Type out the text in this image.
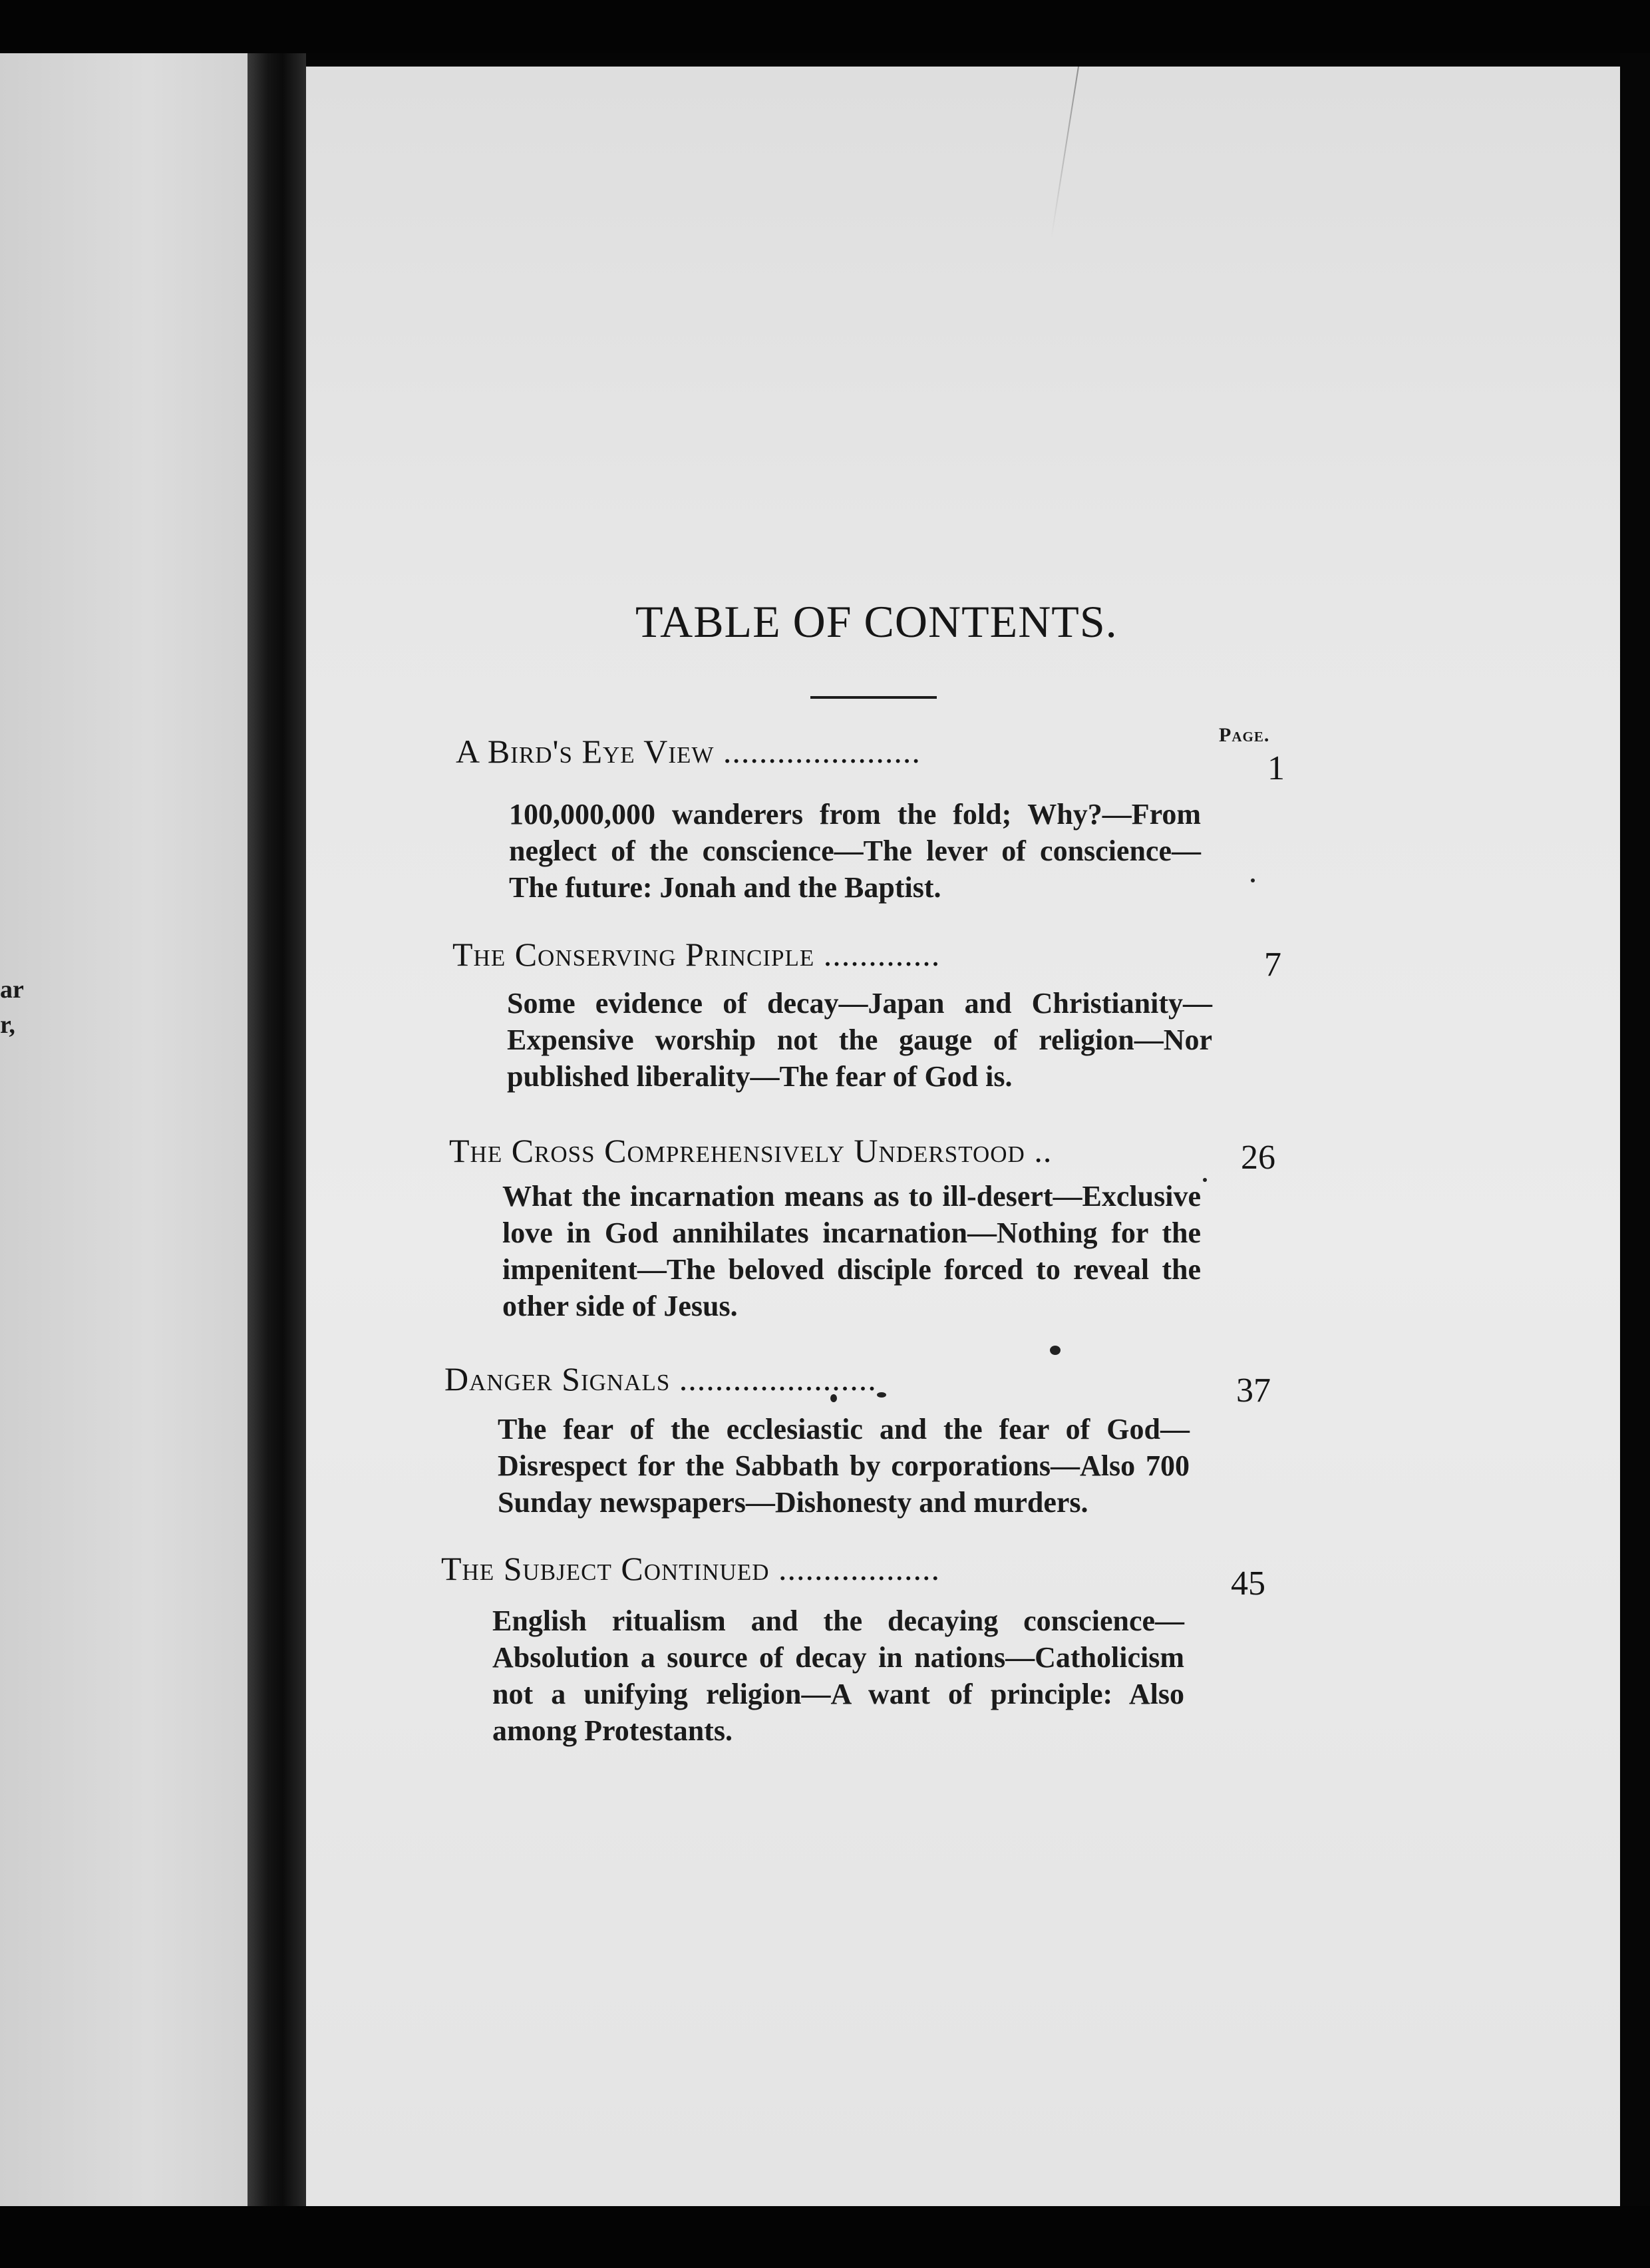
ar
r,
TABLE OF CONTENTS.
Page.
A Bird's Eye View ......................	1
100,000,000 wanderers from the fold; Why?—From neglect of the conscience—The lever of conscience—The future: Jonah and the Baptist.
The Conserving Principle .............	7
Some evidence of decay—Japan and Christianity—Expensive worship not the gauge of religion—Nor published liberality—The fear of God is.
The Cross Comprehensively Understood ..	26
What the incarnation means as to ill-desert—Exclusive love in God annihilates incarnation—Nothing for the impenitent—The beloved disciple forced to reveal the other side of Jesus.
Danger Signals ......................	37
The fear of the ecclesiastic and the fear of God—Disrespect for the Sabbath by corporations—Also 700 Sunday newspapers—Dishonesty and murders.
The Subject Continued ..................	45
English ritualism and the decaying conscience—Absolution a source of decay in nations—Catholicism not a unifying religion—A want of principle: Also among Protestants.
